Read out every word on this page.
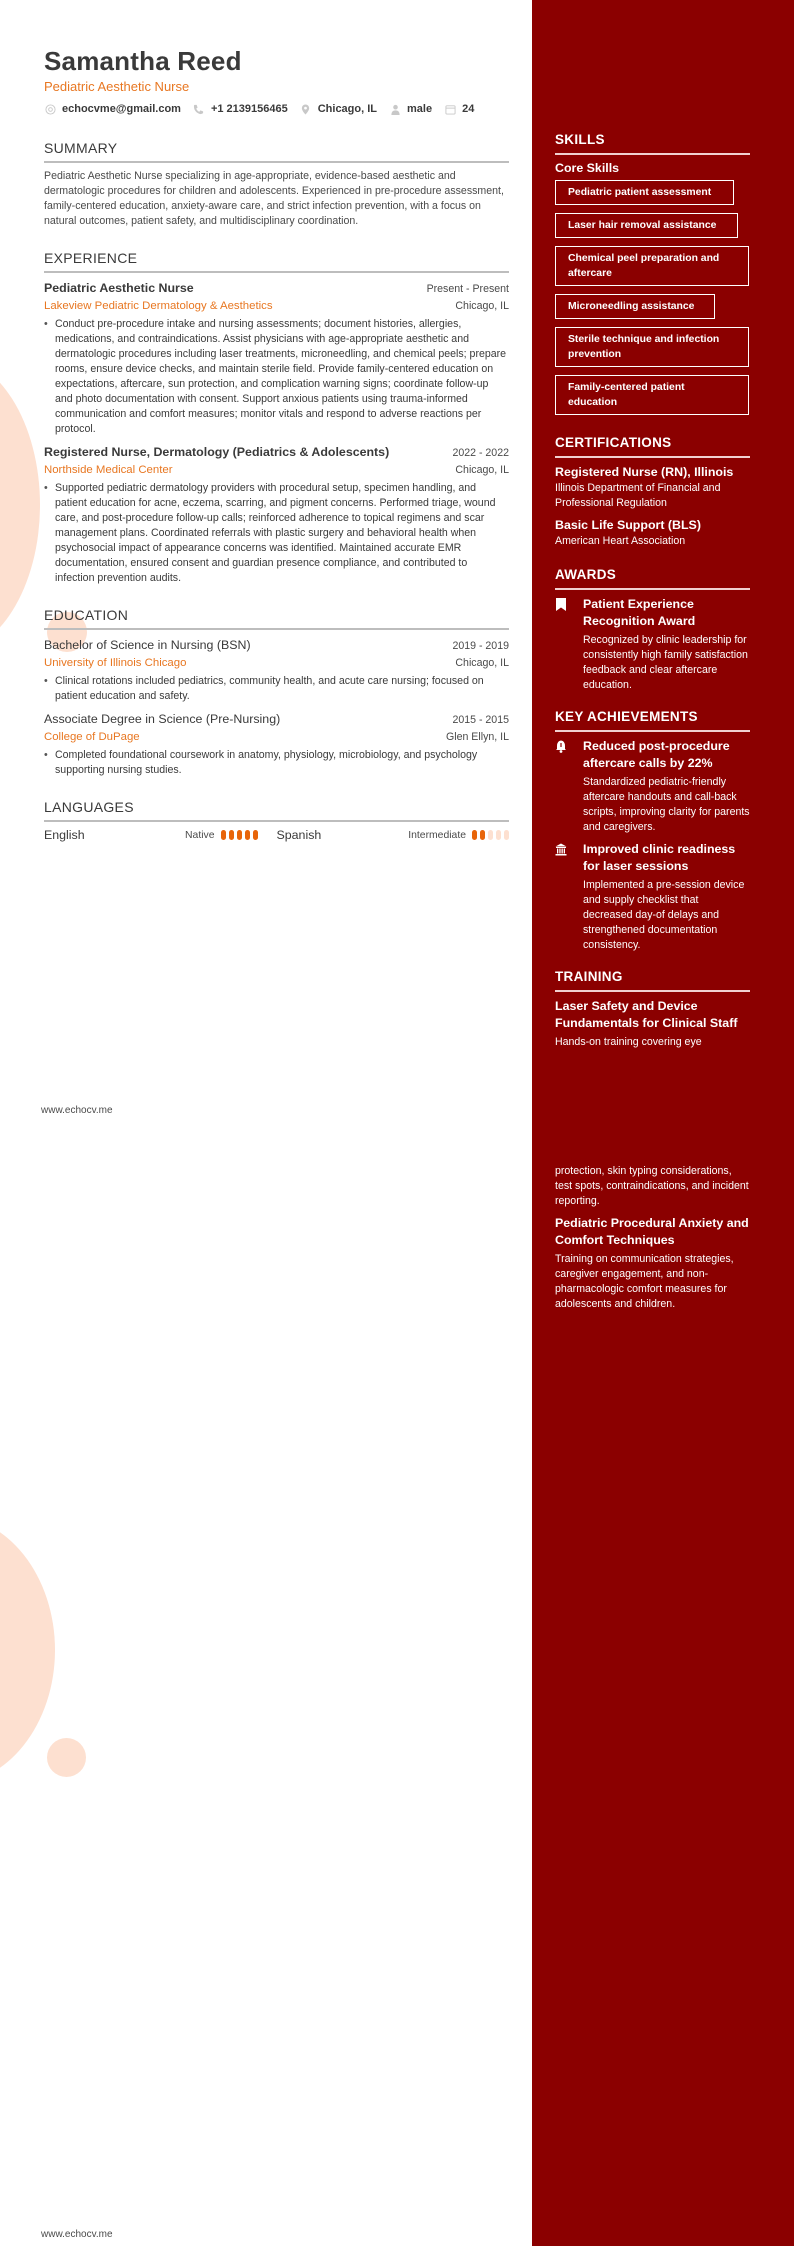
Samantha Reed
Pediatric Aesthetic Nurse
echocvme@gmail.com	+1 2139156465	Chicago, IL	male	24
SUMMARY
Pediatric Aesthetic Nurse specializing in age-appropriate, evidence-based aesthetic and dermatologic procedures for children and adolescents. Experienced in pre-procedure assessment, family-centered education, anxiety-aware care, and strict infection prevention, with a focus on natural outcomes, patient safety, and multidisciplinary coordination.
EXPERIENCE
Pediatric Aesthetic Nurse	Present - Present
Lakeview Pediatric Dermatology & Aesthetics	Chicago, IL
• Conduct pre-procedure intake and nursing assessments; document histories, allergies, medications, and contraindications. Assist physicians with age-appropriate aesthetic and dermatologic procedures including laser treatments, microneedling, and chemical peels; prepare rooms, ensure device checks, and maintain sterile field. Provide family-centered education on expectations, aftercare, sun protection, and complication warning signs; coordinate follow-up and photo documentation with consent. Support anxious patients using trauma-informed communication and comfort measures; monitor vitals and respond to adverse reactions per protocol.
Registered Nurse, Dermatology (Pediatrics & Adolescents)	2022 - 2022
Northside Medical Center	Chicago, IL
• Supported pediatric dermatology providers with procedural setup, specimen handling, and patient education for acne, eczema, scarring, and pigment concerns. Performed triage, wound care, and post-procedure follow-up calls; reinforced adherence to topical regimens and scar management plans. Coordinated referrals with plastic surgery and behavioral health when psychosocial impact of appearance concerns was identified. Maintained accurate EMR documentation, ensured consent and guardian presence compliance, and contributed to infection prevention audits.
EDUCATION
Bachelor of Science in Nursing (BSN)	2019 - 2019
University of Illinois Chicago	Chicago, IL
• Clinical rotations included pediatrics, community health, and acute care nursing; focused on patient education and safety.
Associate Degree in Science (Pre-Nursing)	2015 - 2015
College of DuPage	Glen Ellyn, IL
• Completed foundational coursework in anatomy, physiology, microbiology, and psychology supporting nursing studies.
LANGUAGES
English	Native	Spanish	Intermediate
www.echocv.me
www.echocv.me
SKILLS
Core Skills
Pediatric patient assessment
Laser hair removal assistance
Chemical peel preparation and aftercare
Microneedling assistance
Sterile technique and infection prevention
Family-centered patient education
CERTIFICATIONS
Registered Nurse (RN), Illinois
Illinois Department of Financial and Professional Regulation
Basic Life Support (BLS)
American Heart Association
AWARDS
Patient Experience Recognition Award
Recognized by clinic leadership for consistently high family satisfaction feedback and clear aftercare education.
KEY ACHIEVEMENTS
Reduced post-procedure aftercare calls by 22%
Standardized pediatric-friendly aftercare handouts and call-back scripts, improving clarity for parents and caregivers.
Improved clinic readiness for laser sessions
Implemented a pre-session device and supply checklist that decreased day-of delays and strengthened documentation consistency.
TRAINING
Laser Safety and Device Fundamentals for Clinical Staff
Hands-on training covering eye
protection, skin typing considerations, test spots, contraindications, and incident reporting.
Pediatric Procedural Anxiety and Comfort Techniques
Training on communication strategies, caregiver engagement, and non-pharmacologic comfort measures for adolescents and children.
